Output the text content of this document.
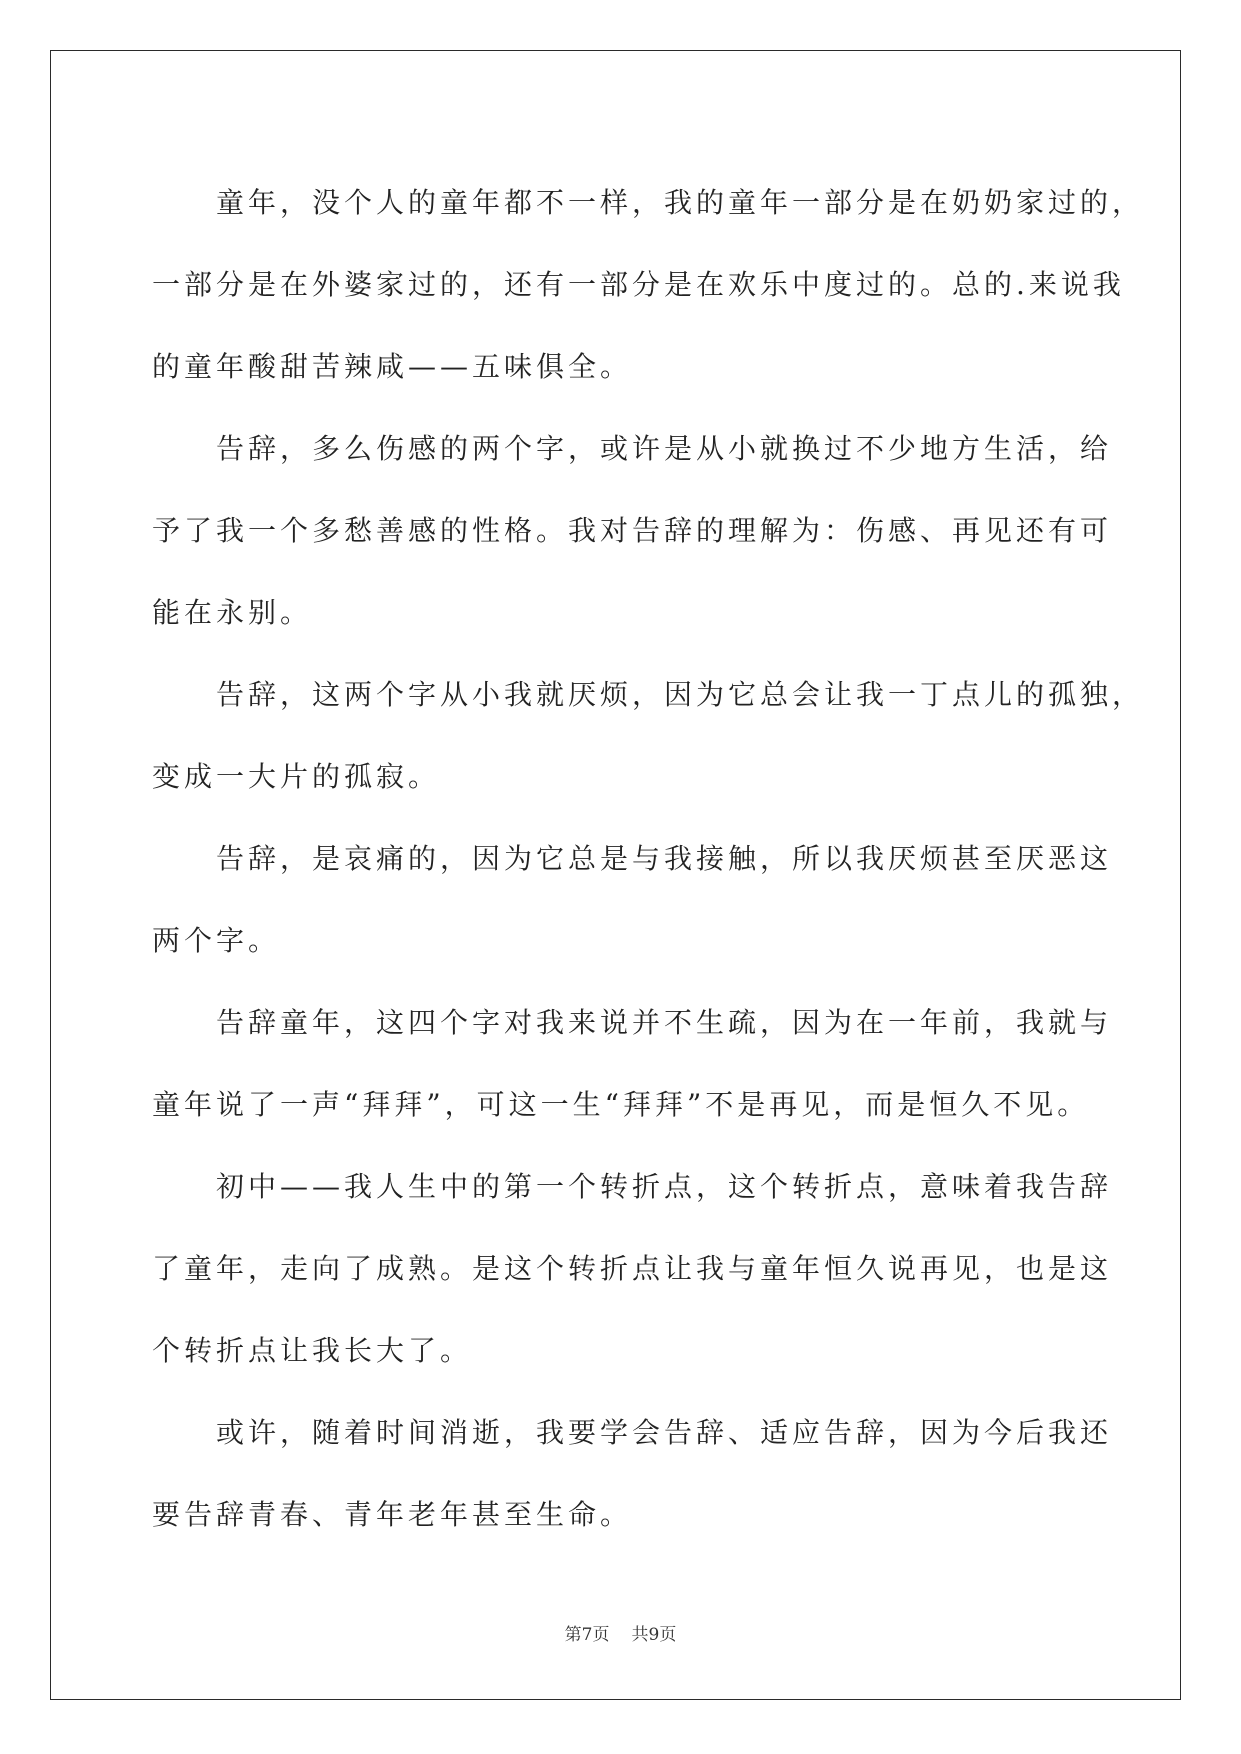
　　童年，没个人的童年都不一样，我的童年一部分是在奶奶家过的，
一部分是在外婆家过的，还有一部分是在欢乐中度过的。总的.来说我
的童年酸甜苦辣咸——五味俱全。
　　告辞，多么伤感的两个字，或许是从小就换过不少地方生活，给
予了我一个多愁善感的性格。我对告辞的理解为：伤感、再见还有可
能在永别。
　　告辞，这两个字从小我就厌烦，因为它总会让我一丁点儿的孤独，
变成一大片的孤寂。
　　告辞，是哀痛的，因为它总是与我接触，所以我厌烦甚至厌恶这
两个字。
　　告辞童年，这四个字对我来说并不生疏，因为在一年前，我就与
童年说了一声“拜拜”，可这一生“拜拜”不是再见，而是恒久不见。
　　初中——我人生中的第一个转折点，这个转折点，意味着我告辞
了童年，走向了成熟。是这个转折点让我与童年恒久说再见，也是这
个转折点让我长大了。
　　或许，随着时间消逝，我要学会告辞、适应告辞，因为今后我还
要告辞青春、青年老年甚至生命。
第7页 共9页
